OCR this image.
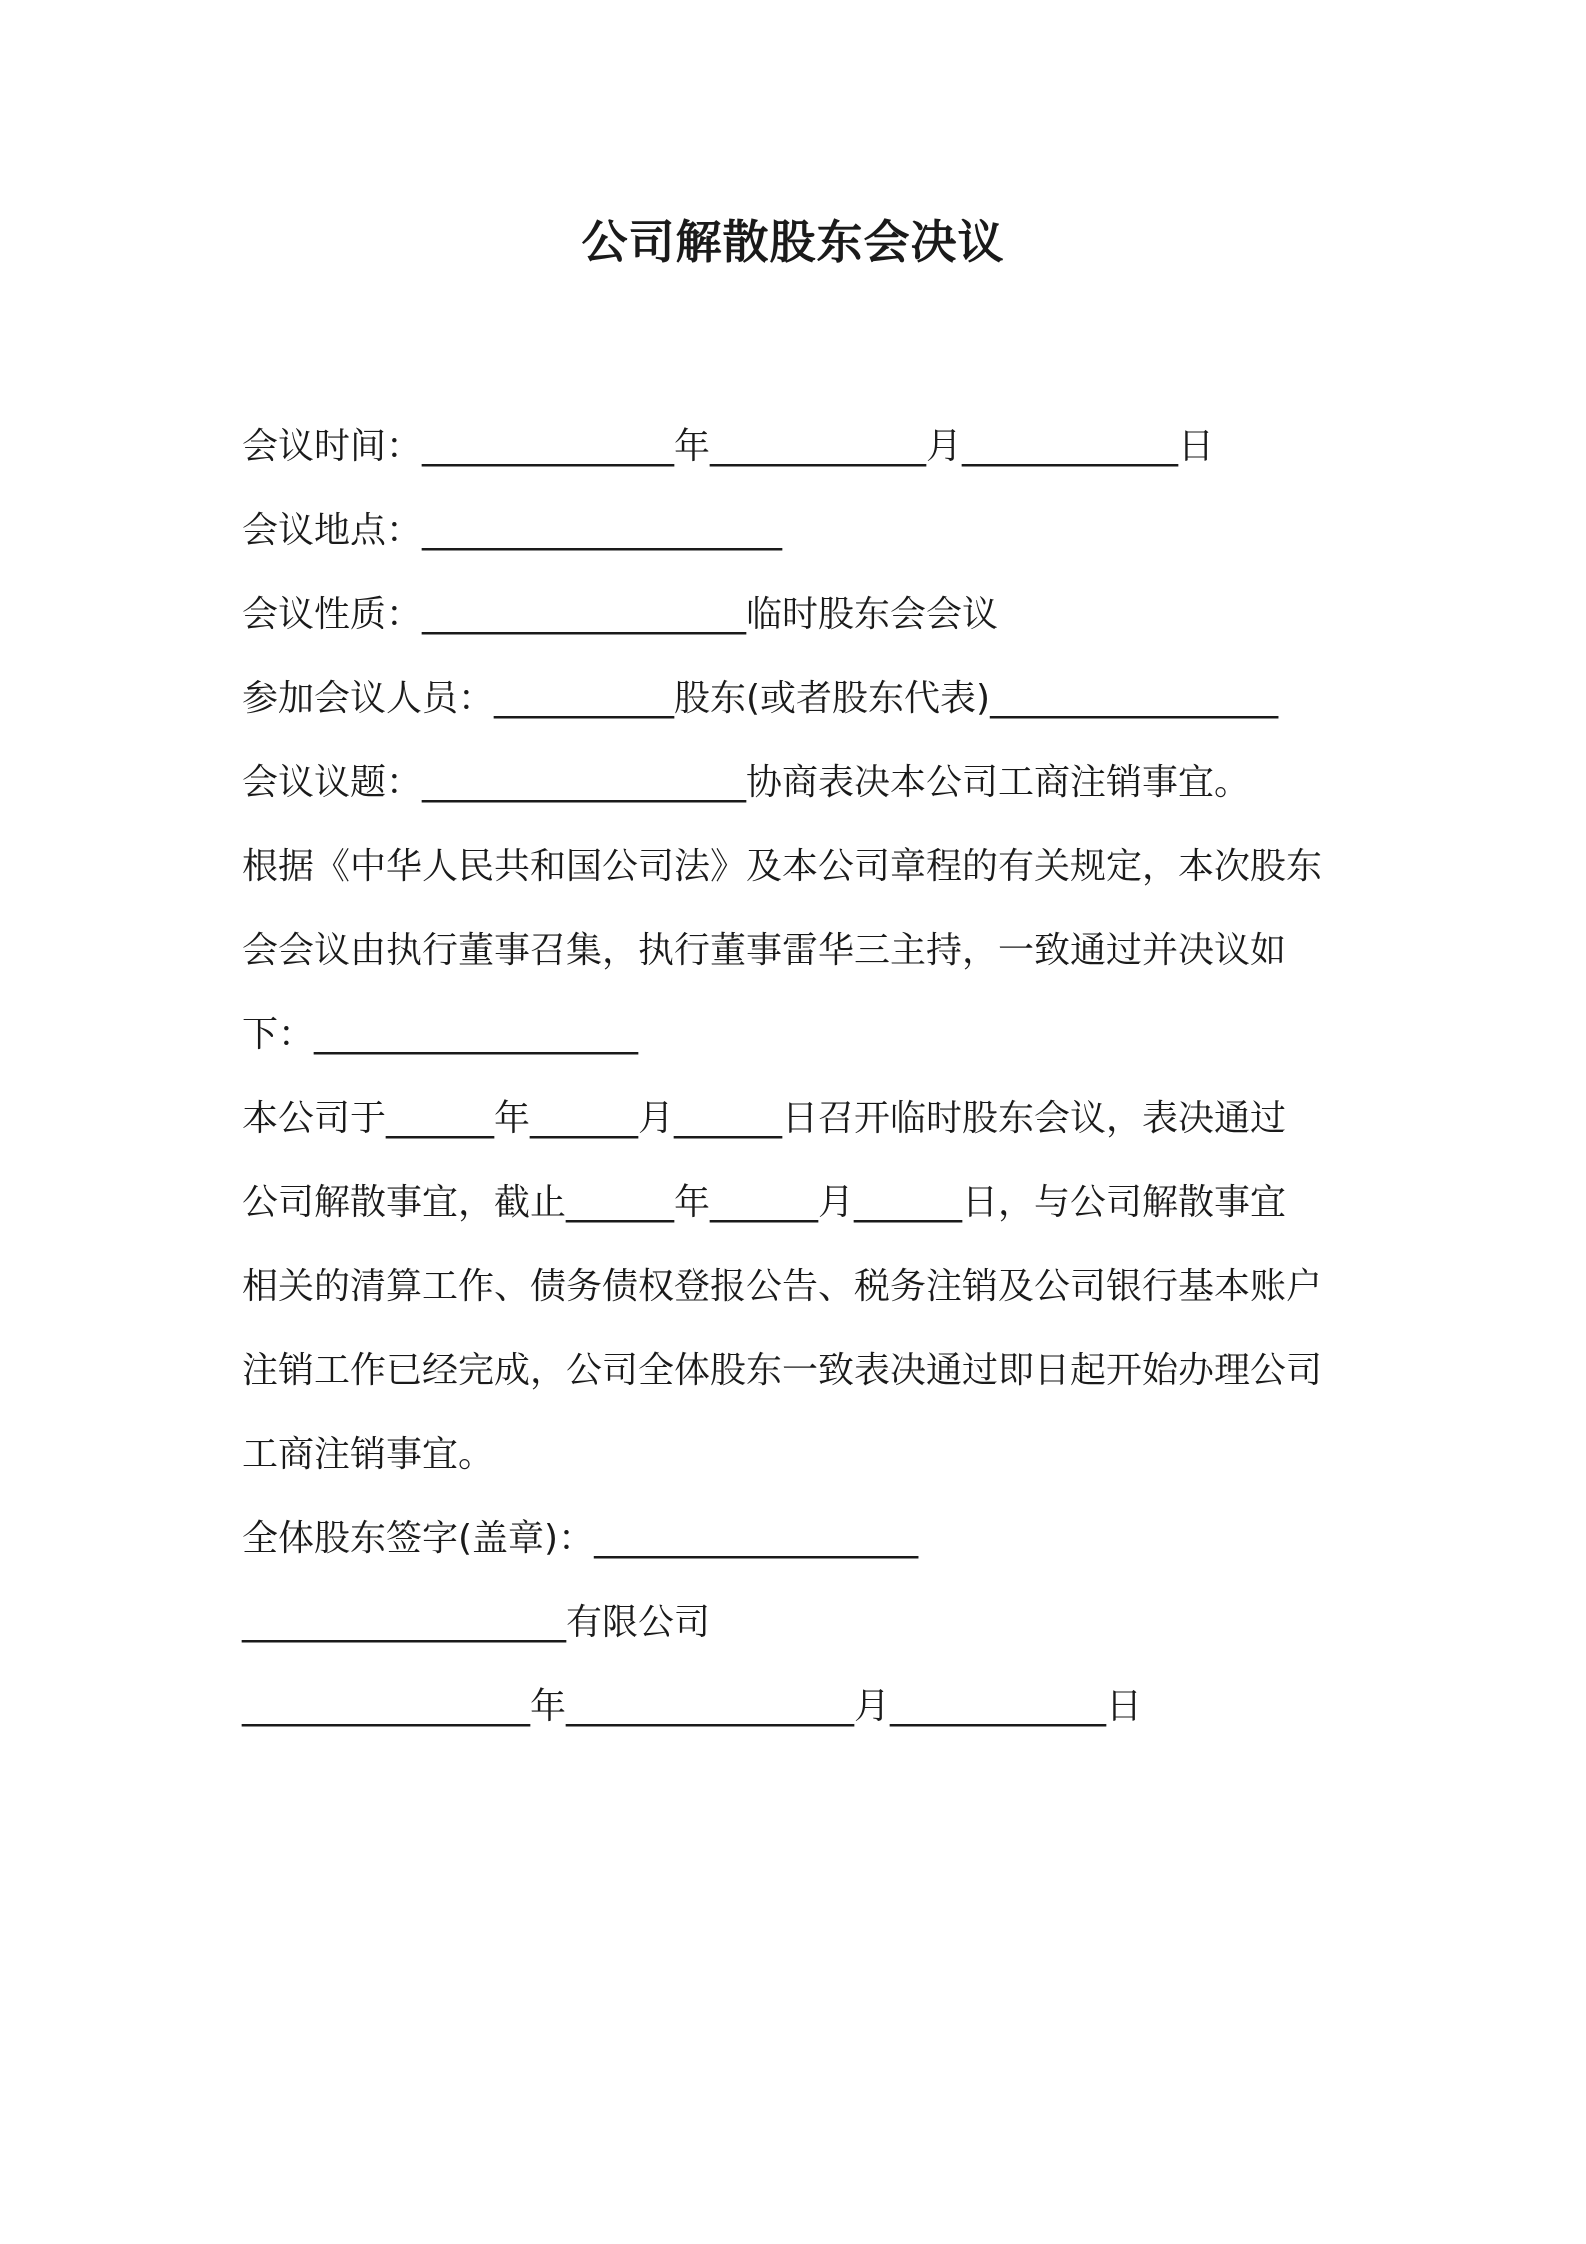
公司解散股东会决议
会议时间：______________年____________月____________日
会议地点：____________________
会议性质：__________________临时股东会会议
参加会议人员：__________股东(或者股东代表)________________
会议议题：__________________协商表决本公司工商注销事宜。
根据《中华人民共和国公司法》及本公司章程的有关规定，本次股东
会会议由执行董事召集，执行董事雷华三主持，一致通过并决议如
下：__________________
本公司于______年______月______日召开临时股东会议，表决通过
公司解散事宜，截止______年______月______日，与公司解散事宜
相关的清算工作、债务债权登报公告、税务注销及公司银行基本账户
注销工作已经完成，公司全体股东一致表决通过即日起开始办理公司
工商注销事宜。
全体股东签字(盖章)：__________________
__________________有限公司
________________年________________月____________日
